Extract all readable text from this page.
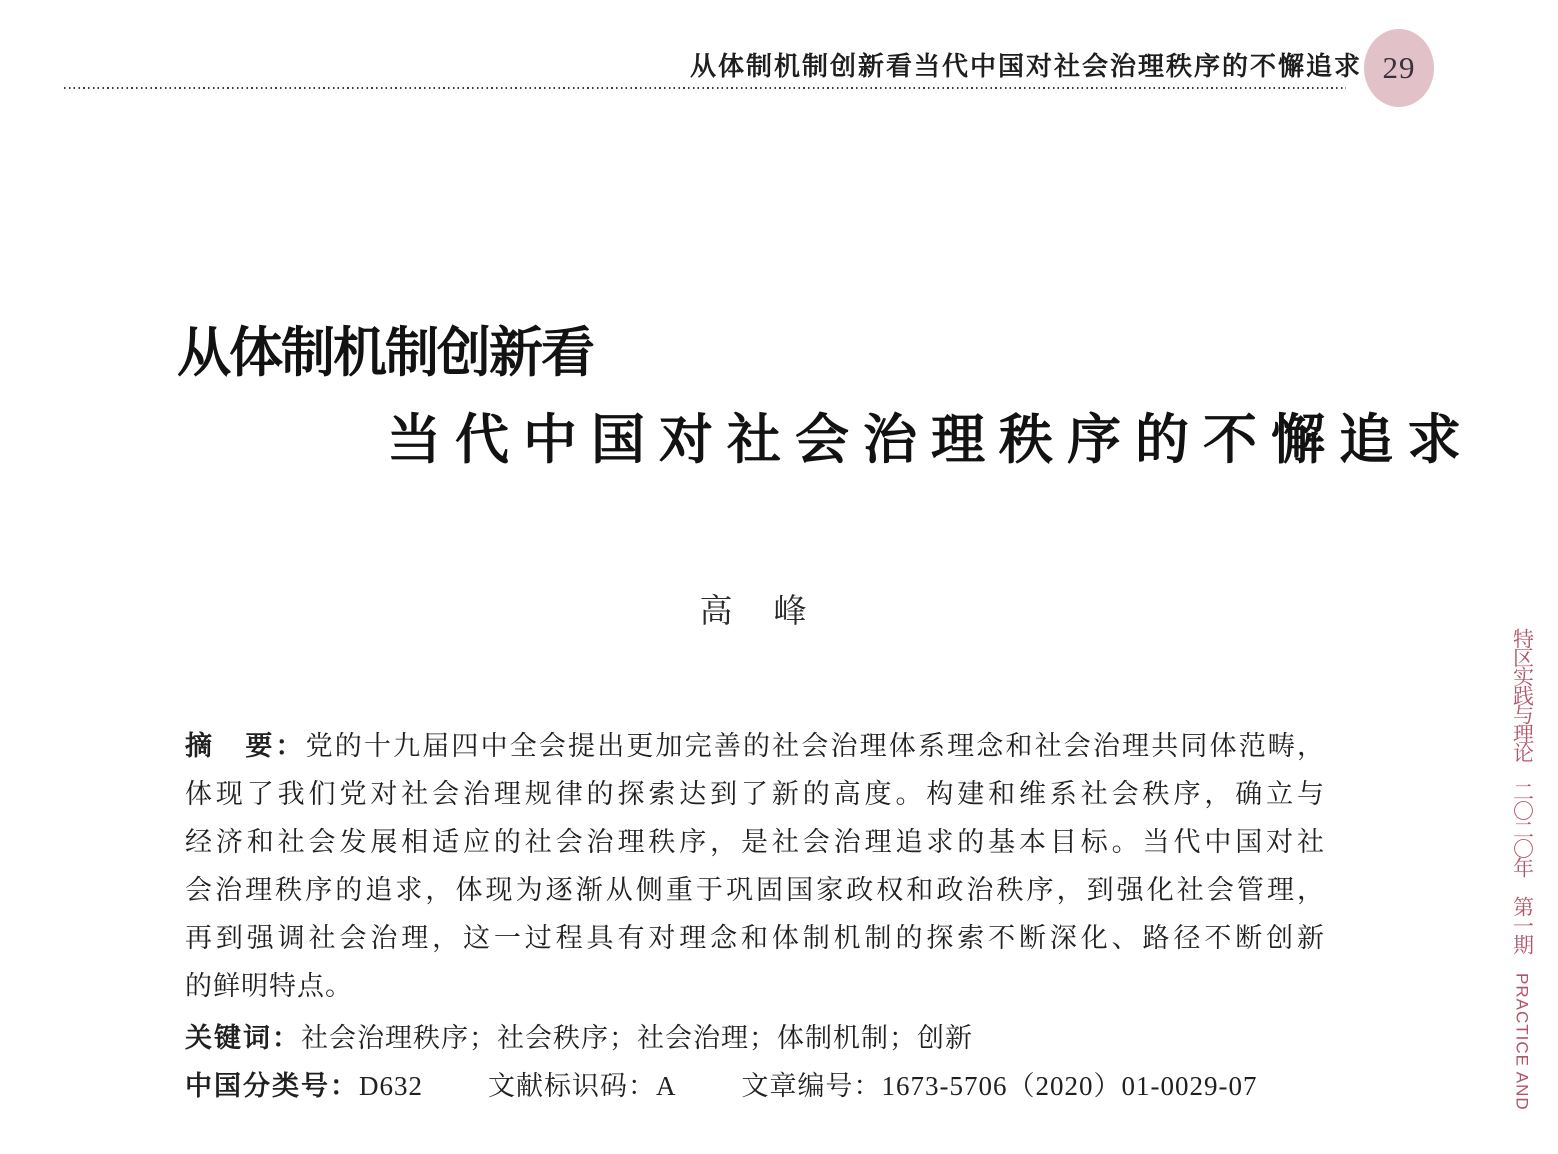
从体制机制创新看当代中国对社会治理秩序的不懈追求 29
从体制机制创新看
当代中国对社会治理秩序的不懈追求
高　峰
摘　要：党的十九届四中全会提出更加完善的社会治理体系理念和社会治理共同体范畴，
体现了我们党对社会治理规律的探索达到了新的高度。构建和维系社会秩序，确立与
经济和社会发展相适应的社会治理秩序，是社会治理追求的基本目标。当代中国对社
会治理秩序的追求，体现为逐渐从侧重于巩固国家政权和政治秩序，到强化社会管理，
再到强调社会治理，这一过程具有对理念和体制机制的探索不断深化、路径不断创新
的鲜明特点。
关键词：社会治理秩序；社会秩序；社会治理；体制机制；创新
中国分类号：D632 文献标识码：A 文章编号：1673-5706（2020）01-0029-07
特区实践与理论
二〇二〇年
第一期
PRACTICE AND
